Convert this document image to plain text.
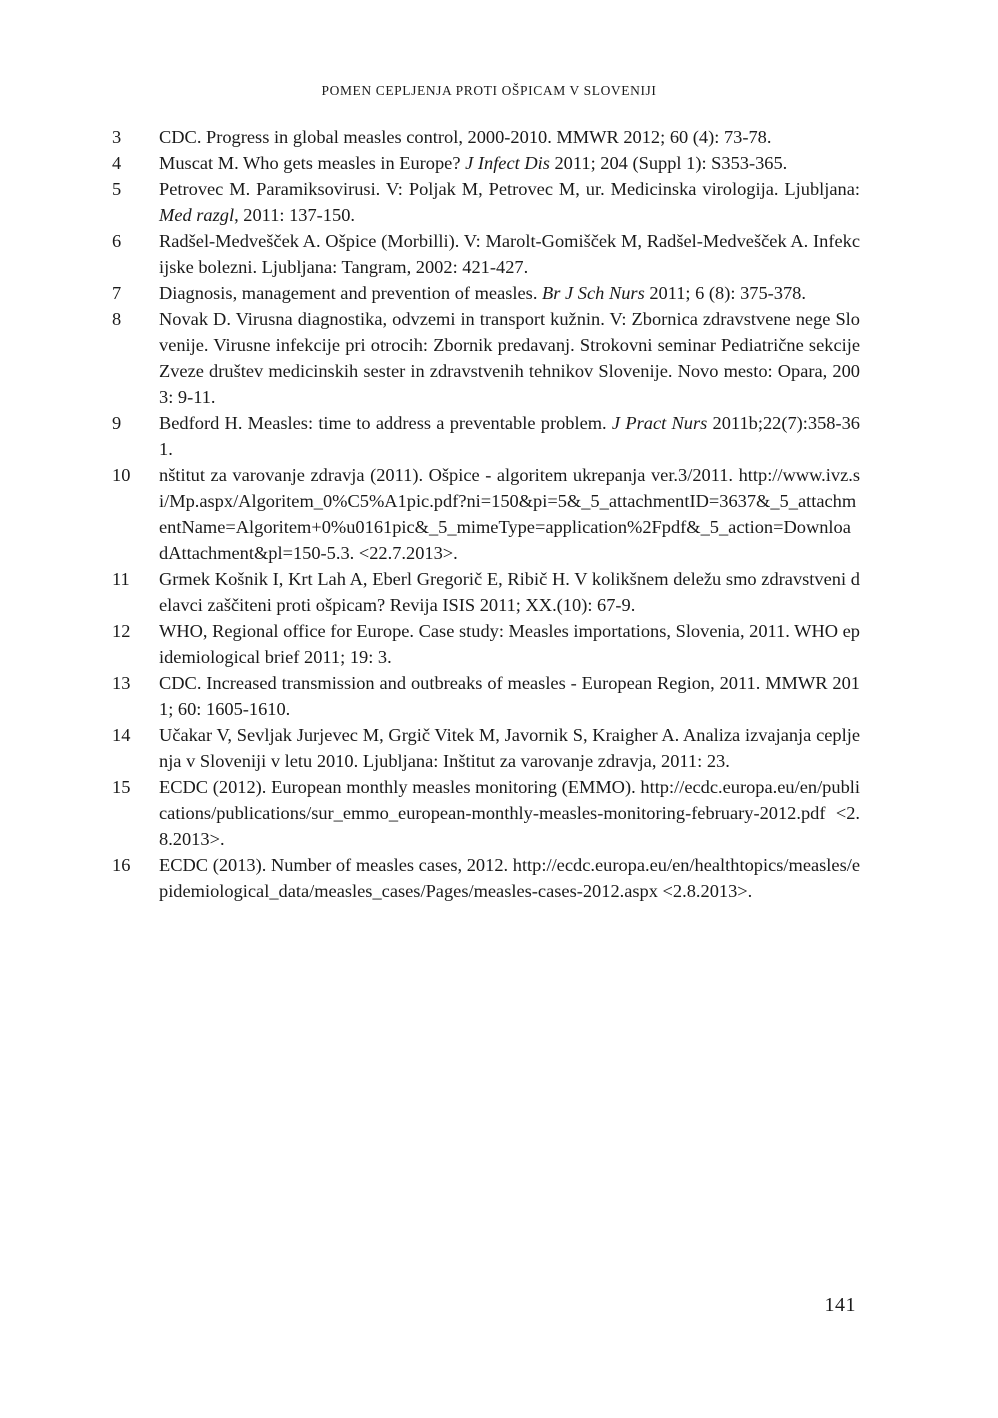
POMEN CEPLJENJA PROTI OŠPICAM V SLOVENIJI
3	CDC. Progress in global measles control, 2000-2010. MMWR 2012; 60 (4): 73-78.
4	Muscat M. Who gets measles in Europe? J Infect Dis 2011; 204 (Suppl 1): S353-365.
5	Petrovec M. Paramiksovirusi. V: Poljak M, Petrovec M, ur. Medicinska virologija. Ljubljana: Med razgl, 2011: 137-150.
6	Radšel-Medvešček A. Ošpice (Morbilli). V: Marolt-Gomišček M, Radšel-Medvešček A. Infekcijske bolezni. Ljubljana: Tangram, 2002: 421-427.
7	Diagnosis, management and prevention of measles. Br J Sch Nurs 2011; 6 (8): 375-378.
8	Novak D. Virusna diagnostika, odvzemi in transport kužnin. V: Zbornica zdravstvene nege Slovenije. Virusne infekcije pri otrocih: Zbornik predavanj. Strokovni seminar Pediatrične sekcije Zveze društev medicinskih sester in zdravstvenih tehnikov Slovenije. Novo mesto: Opara, 2003: 9-11.
9	Bedford H. Measles: time to address a preventable problem. J Pract Nurs 2011b;22(7):358-361.
10	nštitut za varovanje zdravja (2011). Ošpice - algoritem ukrepanja ver.3/2011. http://www.ivz.si/Mp.aspx/Algoritem_0%C5%A1pic.pdf?ni=150&pi=5&_5_attachmentID=3637&_5_attachmentName=Algoritem+0%u0161pic&_5_mimeType=application%2Fpdf&_5_action=DownloadAttachment&pl=150-5.3. <22.7.2013>.
11	Grmek Košnik I, Krt Lah A, Eberl Gregorič E, Ribič H. V kolikšnem deležu smo zdravstveni delavci zaščiteni proti ošpicam? Revija ISIS 2011; XX.(10): 67-9.
12	WHO, Regional office for Europe. Case study: Measles importations, Slovenia, 2011. WHO epidemiological brief 2011; 19: 3.
13	CDC. Increased transmission and outbreaks of measles - European Region, 2011. MMWR 2011; 60: 1605-1610.
14	Učakar V, Sevljak Jurjevec M, Grgič Vitek M, Javornik S, Kraigher A. Analiza izvajanja cepljenja v Sloveniji v letu 2010. Ljubljana: Inštitut za varovanje zdravja, 2011: 23.
15	ECDC (2012). European monthly measles monitoring (EMMO). http://ecdc.europa.eu/en/publications/publications/sur_emmo_european-monthly-measles-monitoring-february-2012.pdf <2.8.2013>.
16	ECDC (2013). Number of measles cases, 2012. http://ecdc.europa.eu/en/healthtopics/measles/epidemiological_data/measles_cases/Pages/measles-cases-2012.aspx <2.8.2013>.
141
